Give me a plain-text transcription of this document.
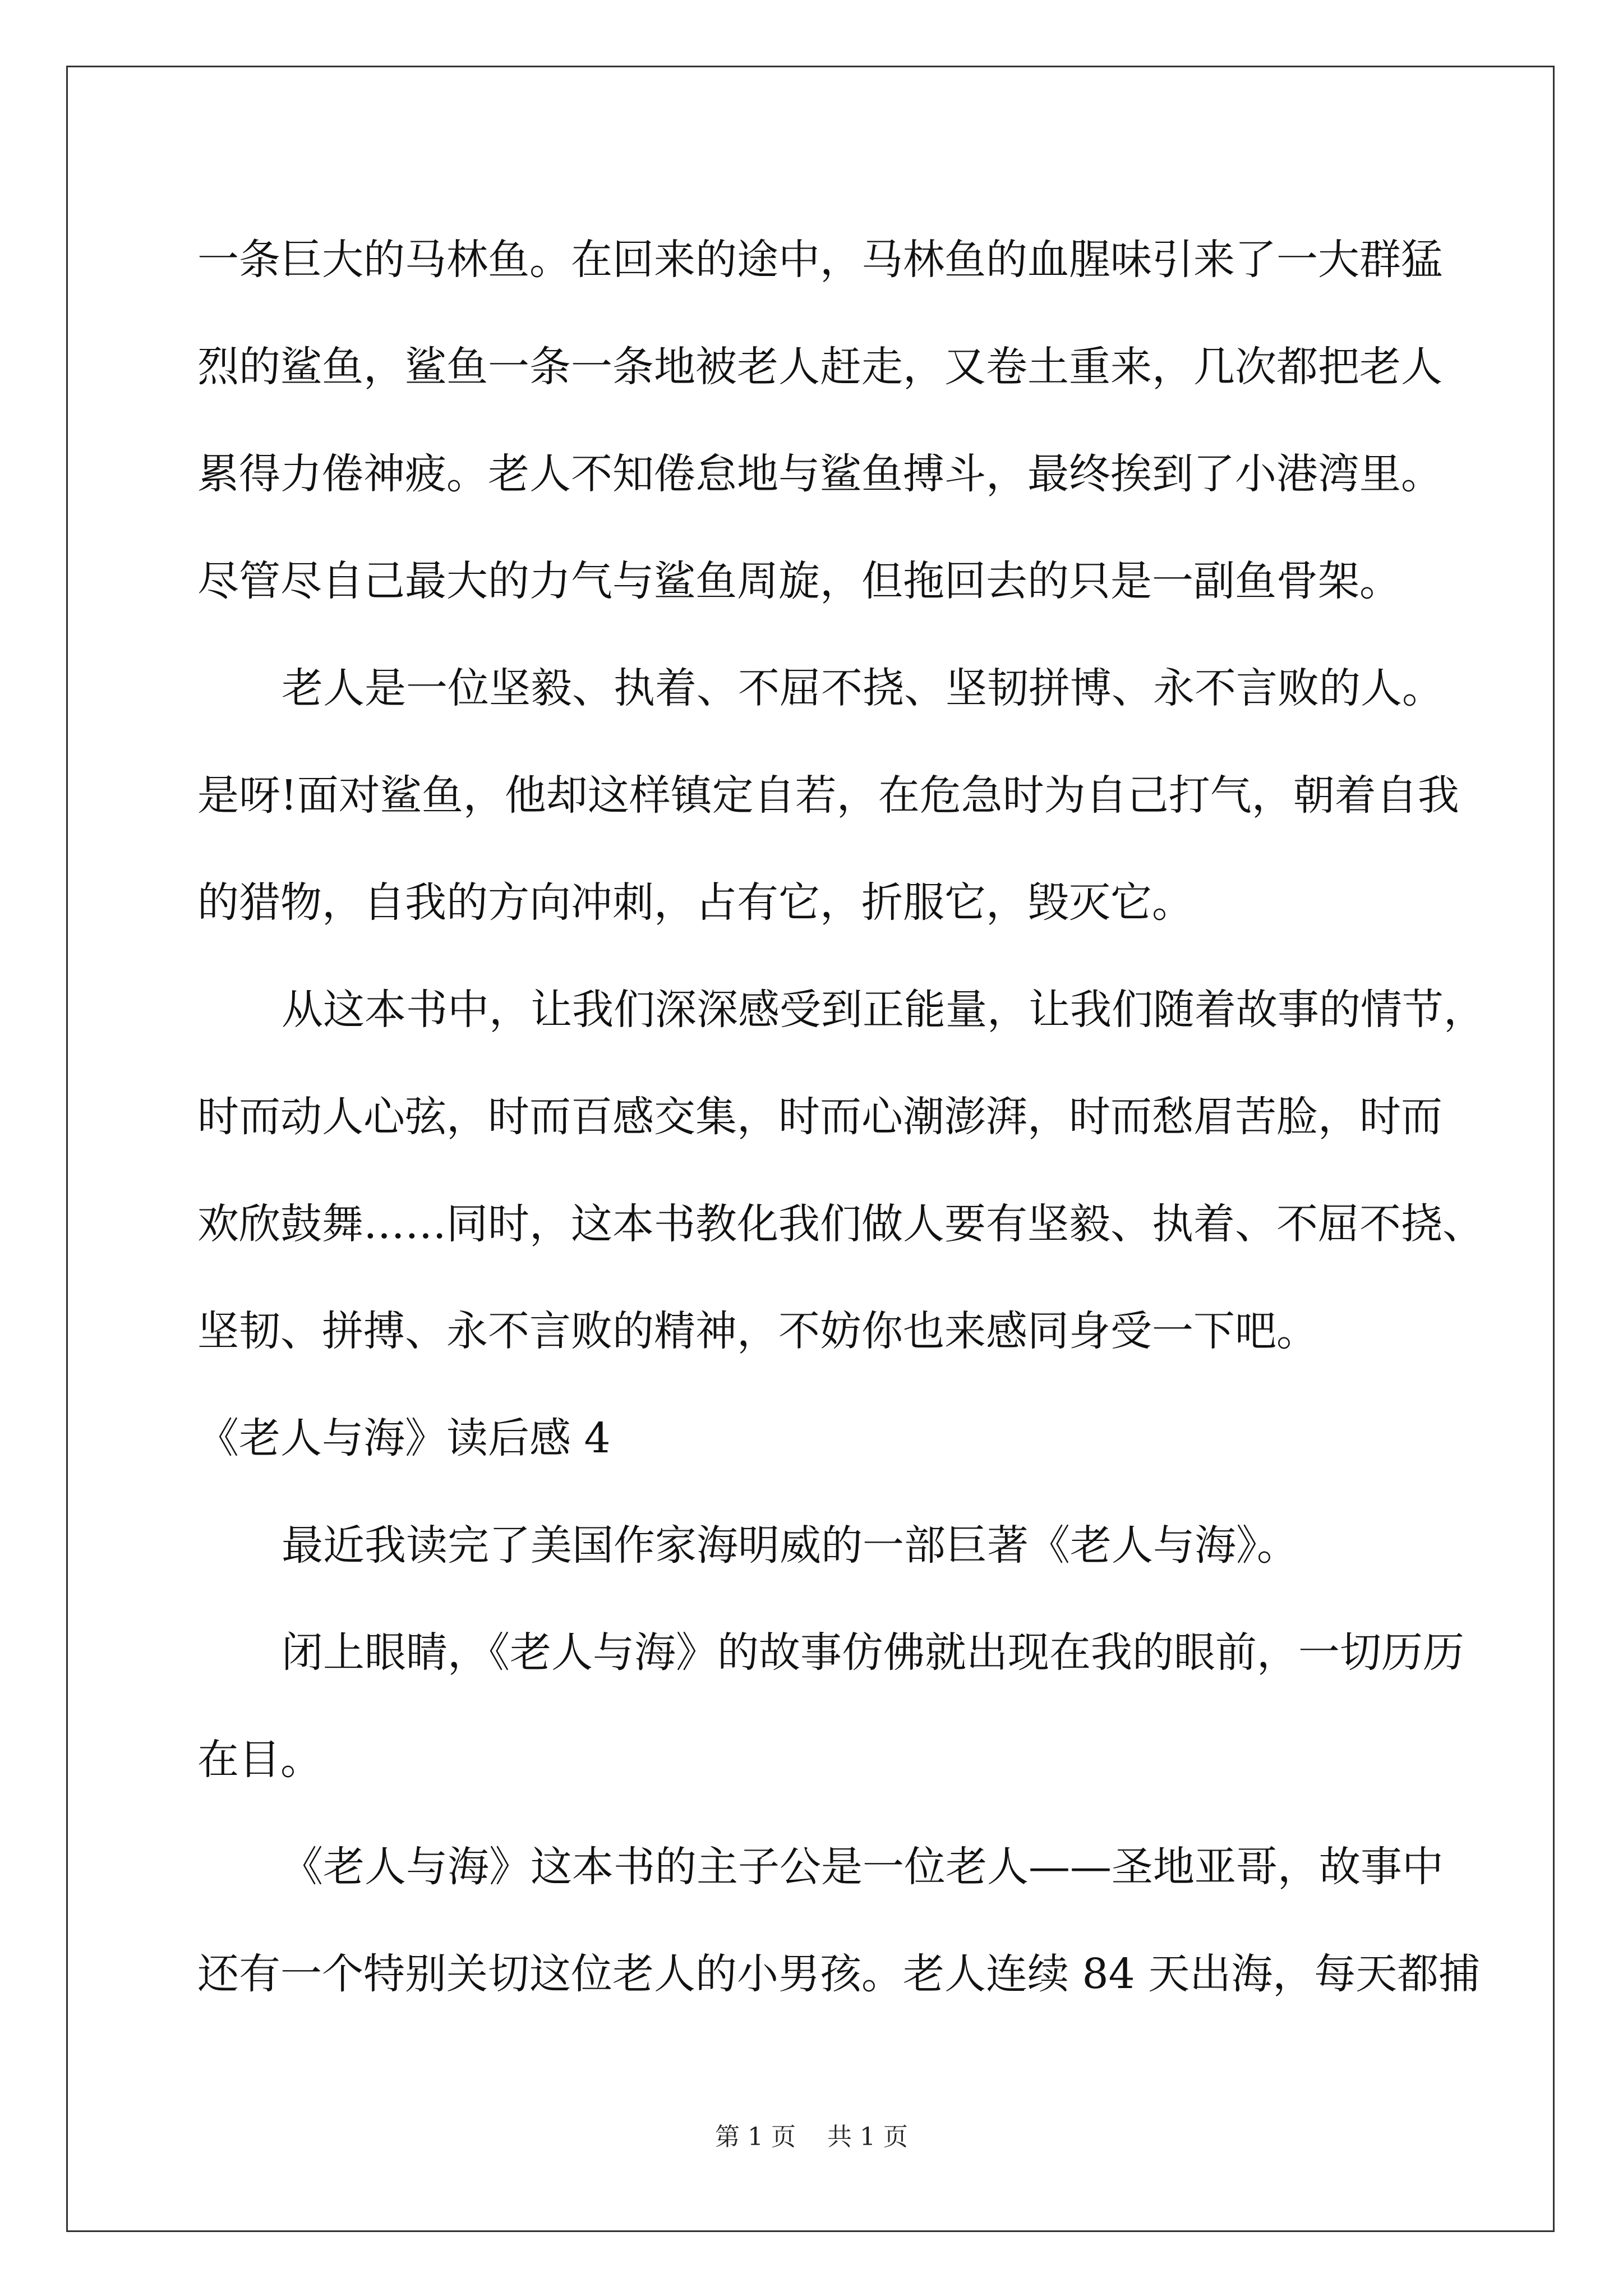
一条巨大的马林鱼。在回来的途中，马林鱼的血腥味引来了一大群猛
烈的鲨鱼，鲨鱼一条一条地被老人赶走，又卷土重来，几次都把老人
累得力倦神疲。老人不知倦怠地与鲨鱼搏斗，最终挨到了小港湾里。
尽管尽自己最大的力气与鲨鱼周旋，但拖回去的只是一副鱼骨架。
老人是一位坚毅、执着、不屈不挠、坚韧拼博、永不言败的人。
是呀!面对鲨鱼，他却这样镇定自若，在危急时为自己打气，朝着自我
的猎物，自我的方向冲刺，占有它，折服它，毁灭它。
从这本书中，让我们深深感受到正能量，让我们随着故事的情节，
时而动人心弦，时而百感交集，时而心潮澎湃，时而愁眉苦脸，时而
欢欣鼓舞……同时，这本书教化我们做人要有坚毅、执着、不屈不挠、
坚韧、拼搏、永不言败的精神，不妨你也来感同身受一下吧。
《老人与海》读后感 4
最近我读完了美国作家海明威的一部巨著《老人与海》。
闭上眼睛，《老人与海》的故事仿佛就出现在我的眼前，一切历历
在目。
《老人与海》这本书的主子公是一位老人——圣地亚哥，故事中
还有一个特别关切这位老人的小男孩。老人连续 84 天出海，每天都捕
第 1 页    共 1 页
